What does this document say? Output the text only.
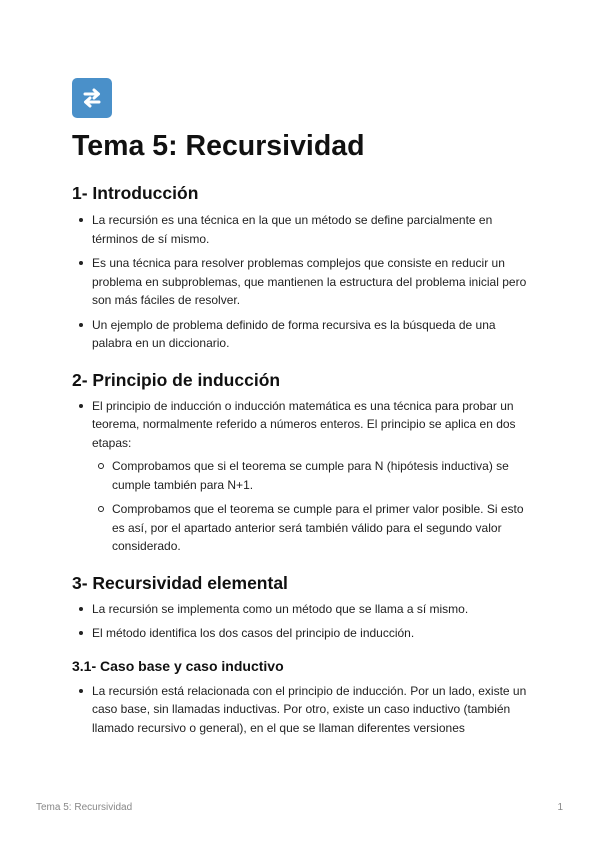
Tema 5: Recursividad
1- Introducción
La recursión es una técnica en la que un método se define parcialmente en términos de sí mismo.
Es una técnica para resolver problemas complejos que consiste en reducir un problema en subproblemas, que mantienen la estructura del problema inicial pero son más fáciles de resolver.
Un ejemplo de problema definido de forma recursiva es la búsqueda de una palabra en un diccionario.
2- Principio de inducción
El principio de inducción o inducción matemática es una técnica para probar un teorema, normalmente referido a números enteros. El principio se aplica en dos etapas:
Comprobamos que si el teorema se cumple para N (hipótesis inductiva) se cumple también para N+1.
Comprobamos que el teorema se cumple para el primer valor posible. Si esto es así, por el apartado anterior será también válido para el segundo valor considerado.
3- Recursividad elemental
La recursión se implementa como un método que se llama a sí mismo.
El método identifica los dos casos del principio de inducción.
3.1- Caso base y caso inductivo
La recursión está relacionada con el principio de inducción. Por un lado, existe un caso base, sin llamadas inductivas. Por otro, existe un caso inductivo (también llamado recursivo o general), en el que se llaman diferentes versiones
Tema 5: Recursividad	1
